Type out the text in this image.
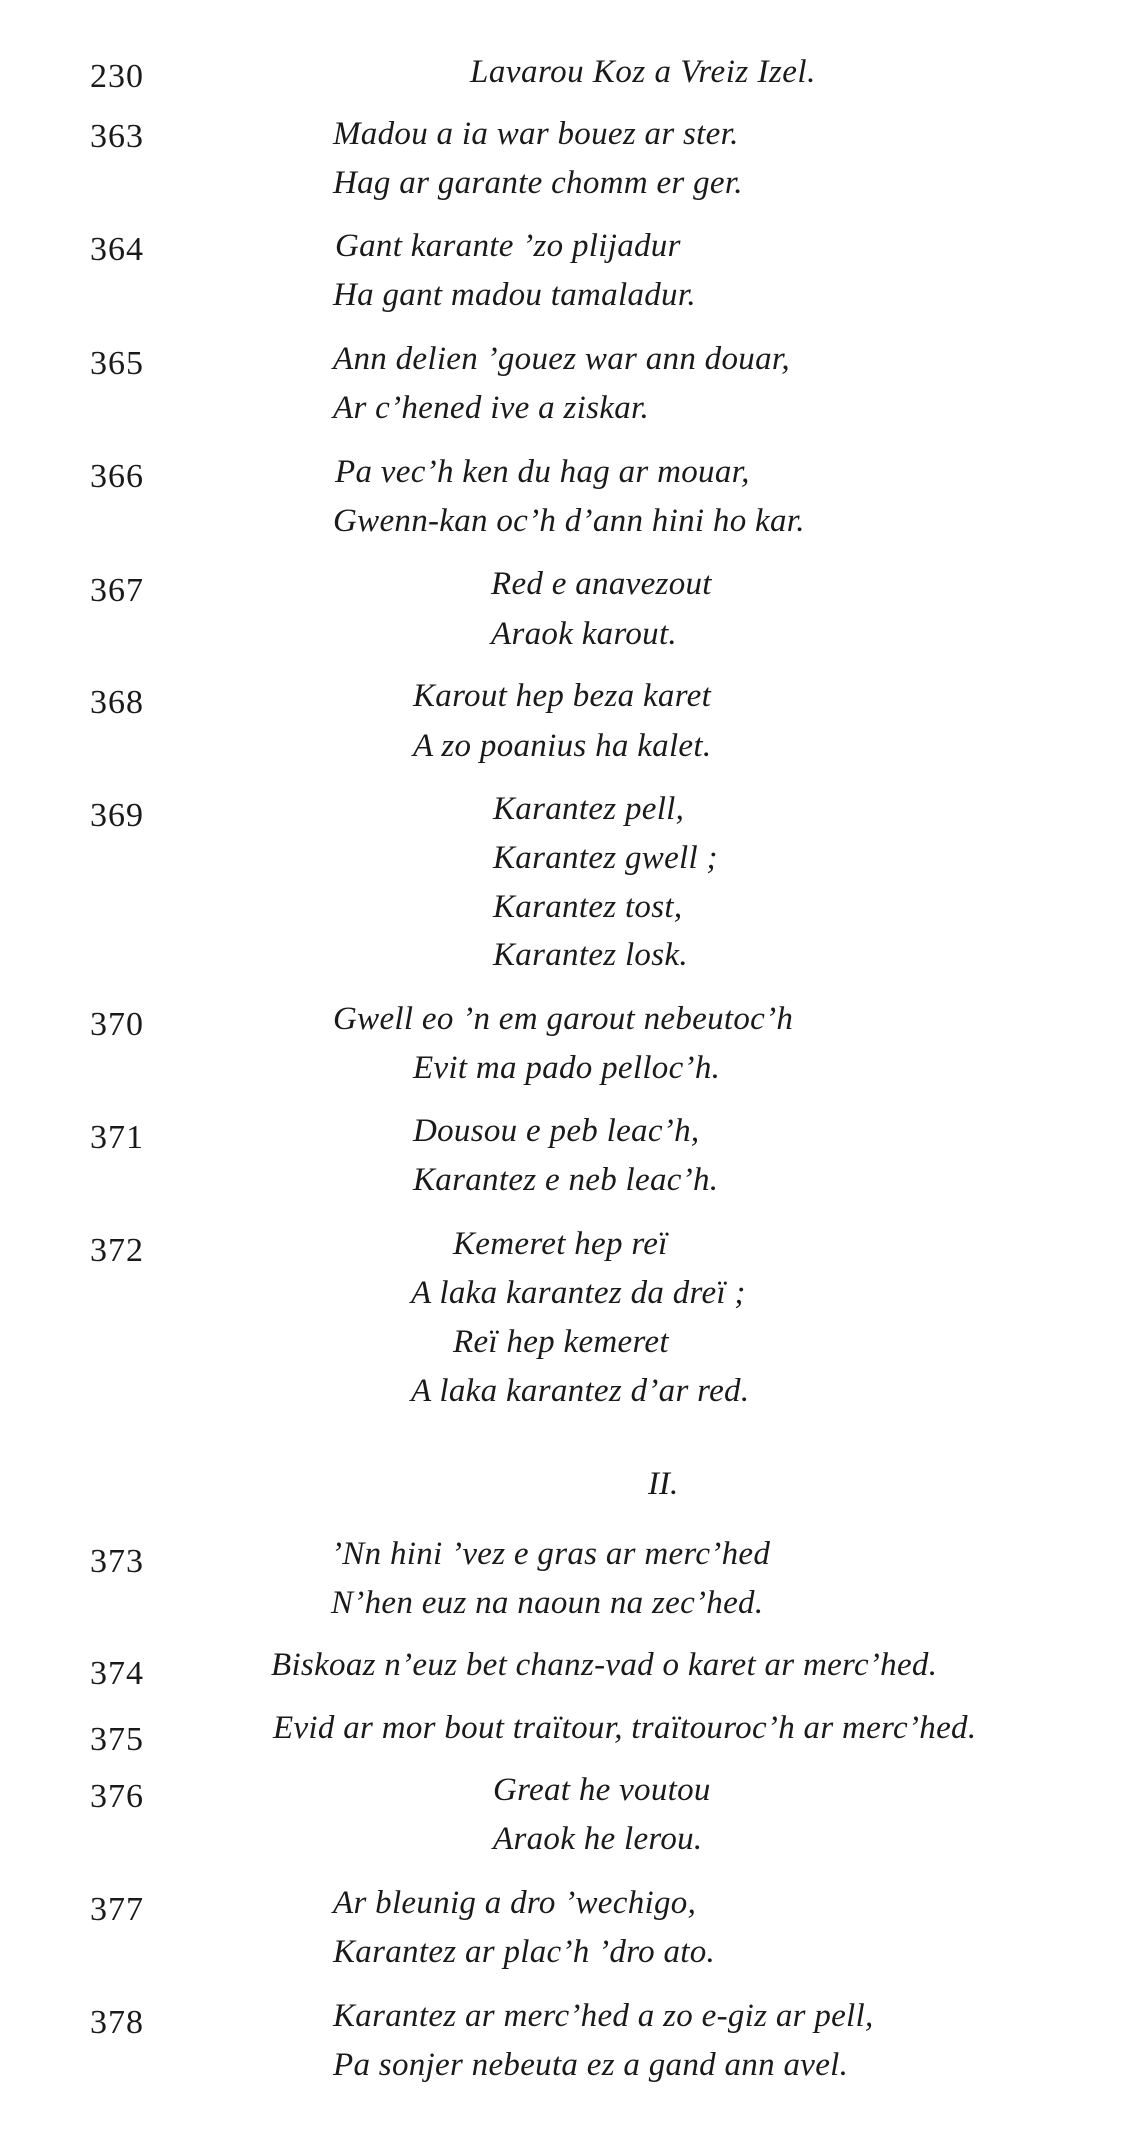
230	Lavarou Koz a Vreiz Izel.
363	Madou a ia war bouez ar ster.
Hag ar garante chomm er ger.
364	Gant karante ’zo plijadur
Ha gant madou tamaladur.
365	Ann delien ’gouez war ann douar,
Ar c’hened ive a ziskar.
366	Pa vec’h ken du hag ar mouar,
Gwenn-kan oc’h d’ann hini ho kar.
367	Red e anavezout
Araok karout.
368	Karout hep beza karet
A zo poanius ha kalet.
369	Karantez pell,
Karantez gwell ;
Karantez tost,
Karantez losk.
370	Gwell eo ’n em garout nebeutoc’h
Evit ma pado pelloc’h.
371	Dousou e peb leac’h,
Karantez e neb leac’h.
372	Kemeret hep reï
A laka karantez da dreï ;
Reï hep kemeret
A laka karantez d’ar red.
II.
373	’Nn hini ’vez e gras ar merc’hed
N’hen euz na naoun na zec’hed.
374	Biskoaz n’euz bet chanz-vad o karet ar merc’hed.
375	Evid ar mor bout traïtour, traïtouroc’h ar merc’hed.
376	Great he voutou
Araok he lerou.
377	Ar bleunig a dro ’wechigo,
Karantez ar plac’h ’dro ato.
378	Karantez ar merc’hed a zo e-giz ar pell,
Pa sonjer nebeuta ez a gand ann avel.
